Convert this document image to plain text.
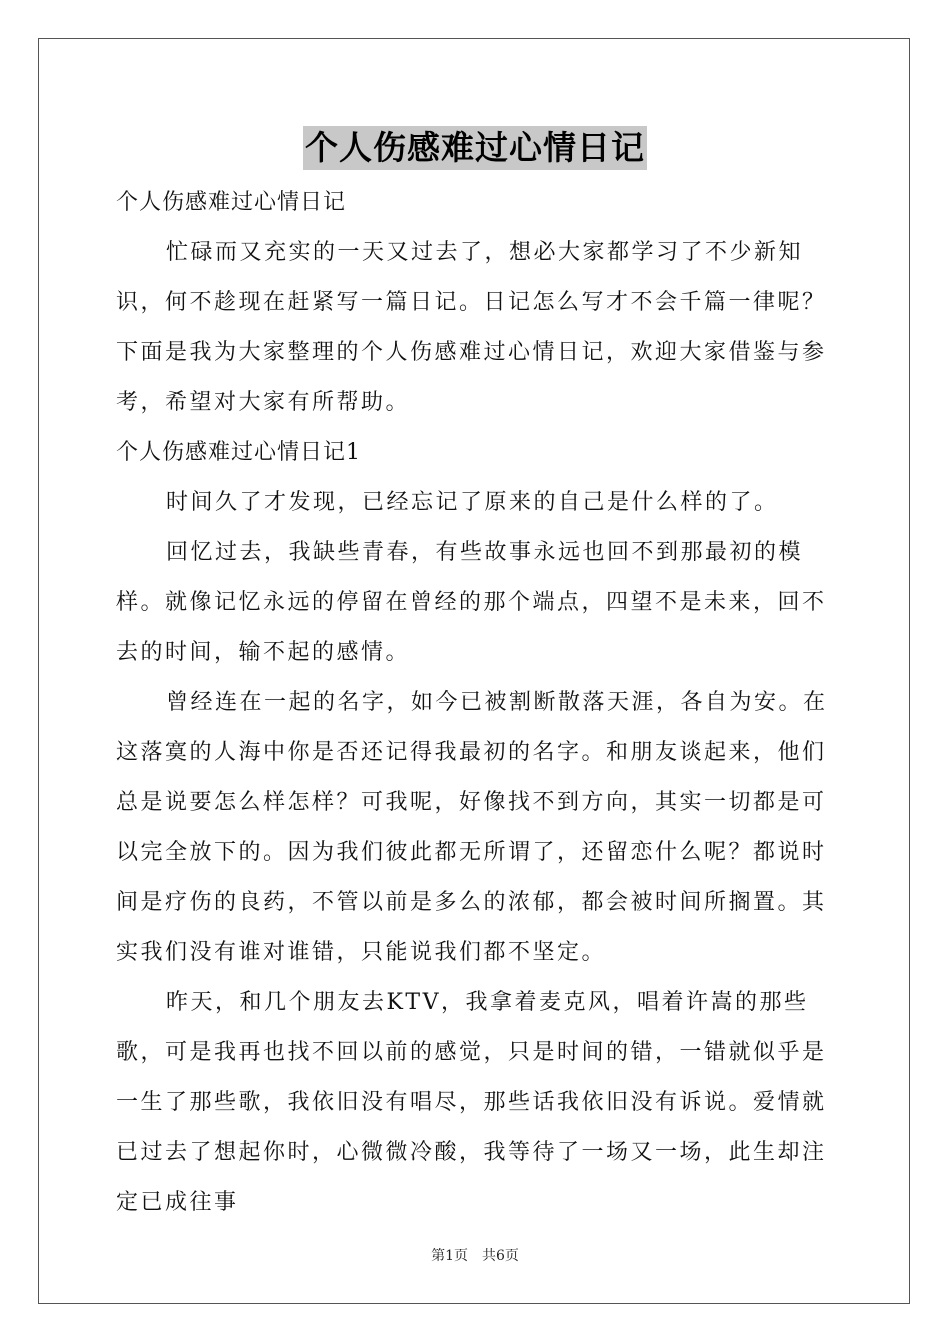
个人伤感难过心情日记

个人伤感难过心情日记

忙碌而又充实的一天又过去了，想必大家都学习了不少新知识，何不趁现在赶紧写一篇日记。日记怎么写才不会千篇一律呢？下面是我为大家整理的个人伤感难过心情日记，欢迎大家借鉴与参考，希望对大家有所帮助。

个人伤感难过心情日记1

时间久了才发现，已经忘记了原来的自己是什么样的了。

回忆过去，我缺些青春，有些故事永远也回不到那最初的模样。就像记忆永远的停留在曾经的那个端点，四望不是未来，回不去的时间，输不起的感情。

曾经连在一起的名字，如今已被割断散落天涯，各自为安。在这落寞的人海中你是否还记得我最初的名字。和朋友谈起来，他们总是说要怎么样怎样？可我呢，好像找不到方向，其实一切都是可以完全放下的。因为我们彼此都无所谓了，还留恋什么呢？都说时间是疗伤的良药，不管以前是多么的浓郁，都会被时间所搁置。其实我们没有谁对谁错，只能说我们都不坚定。

昨天，和几个朋友去KTV，我拿着麦克风，唱着许嵩的那些歌，可是我再也找不回以前的感觉，只是时间的错，一错就似乎是一生了那些歌，我依旧没有唱尽，那些话我依旧没有诉说。爱情就已过去了想起你时，心微微冷酸，我等待了一场又一场，此生却注定已成往事

第1页　共6页
